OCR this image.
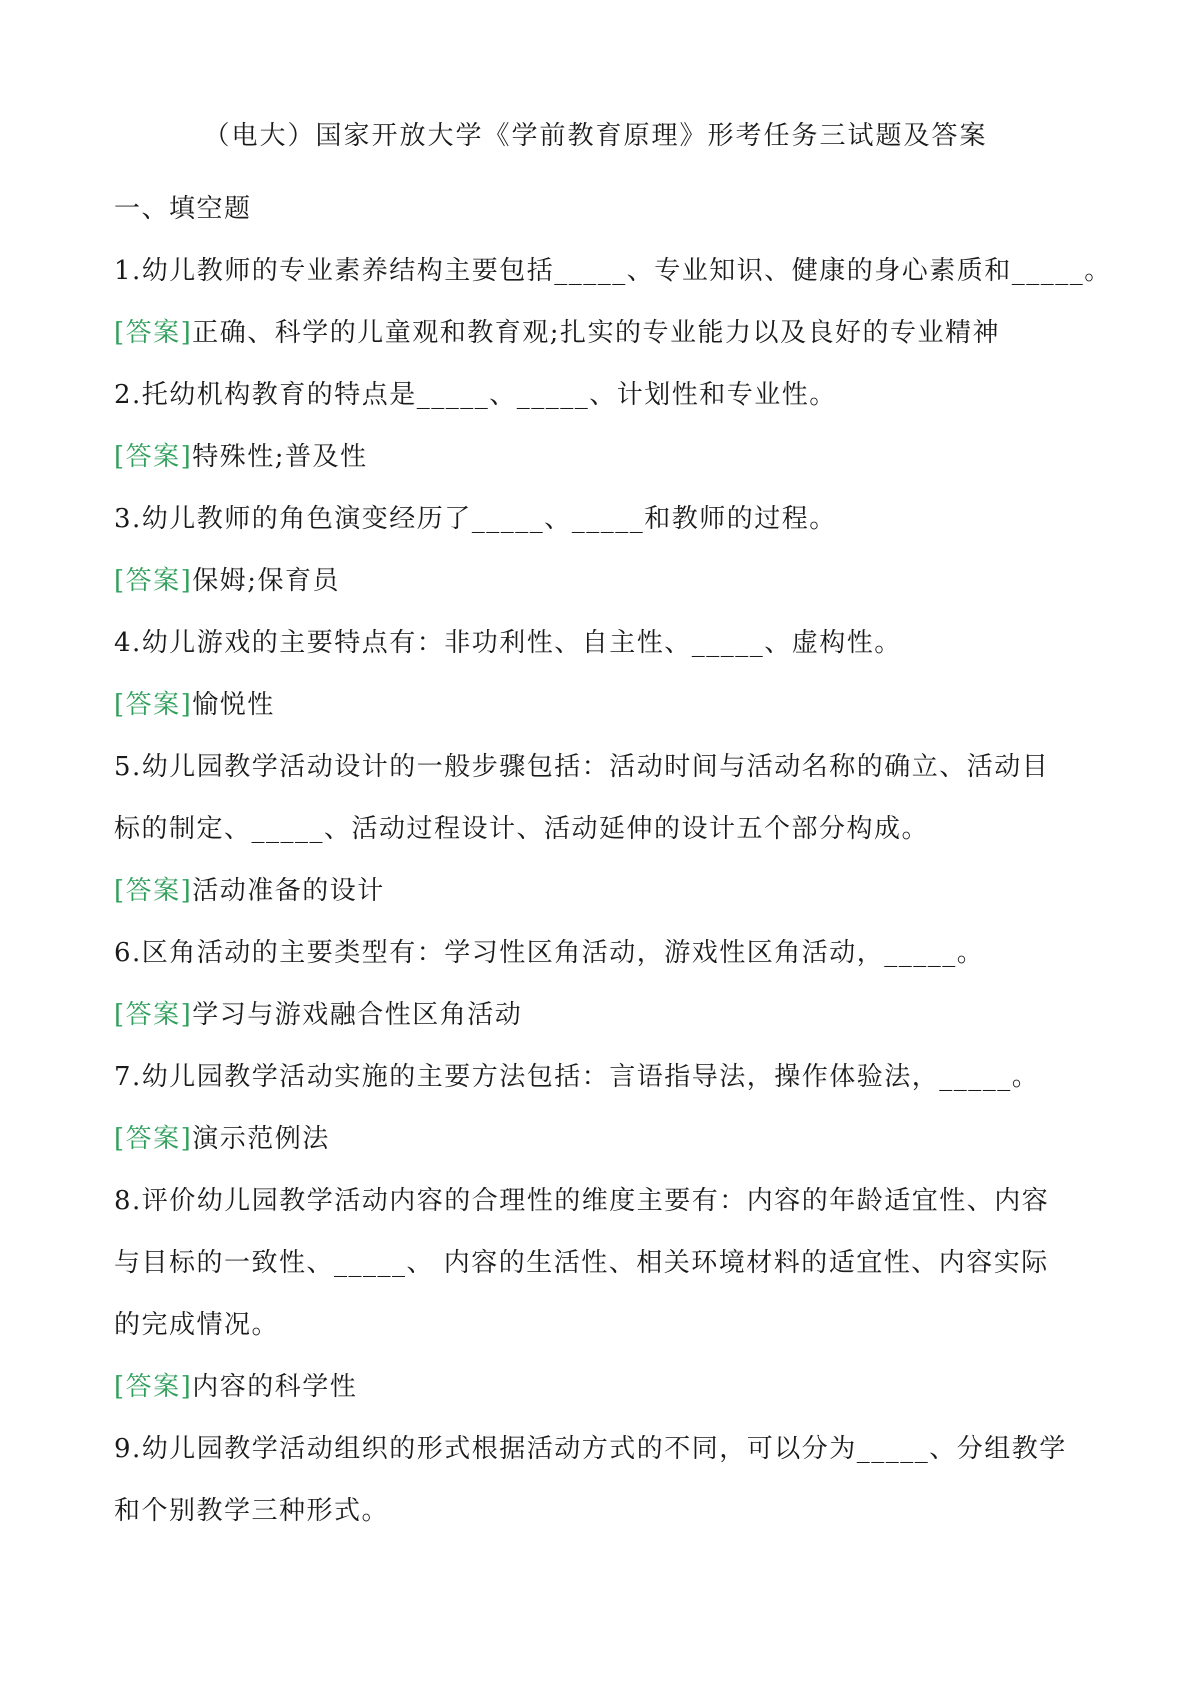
（电大）国家开放大学《学前教育原理》形考任务三试题及答案
一、填空题
1.幼儿教师的专业素养结构主要包括_____、专业知识、健康的身心素质和_____。
[答案]正确、科学的儿童观和教育观;扎实的专业能力以及良好的专业精神
2.托幼机构教育的特点是_____、_____、计划性和专业性。
[答案]特殊性;普及性
3.幼儿教师的角色演变经历了_____、_____和教师的过程。
[答案]保姆;保育员
4.幼儿游戏的主要特点有：非功利性、自主性、_____、虚构性。
[答案]愉悦性
5.幼儿园教学活动设计的一般步骤包括：活动时间与活动名称的确立、活动目
标的制定、_____、活动过程设计、活动延伸的设计五个部分构成。
[答案]活动准备的设计
6.区角活动的主要类型有：学习性区角活动，游戏性区角活动，_____。
[答案]学习与游戏融合性区角活动
7.幼儿园教学活动实施的主要方法包括：言语指导法，操作体验法，_____。
[答案]演示范例法
8.评价幼儿园教学活动内容的合理性的维度主要有：内容的年龄适宜性、内容
与目标的一致性、_____、 内容的生活性、相关环境材料的适宜性、内容实际
的完成情况。
[答案]内容的科学性
9.幼儿园教学活动组织的形式根据活动方式的不同，可以分为_____、分组教学
和个别教学三种形式。
